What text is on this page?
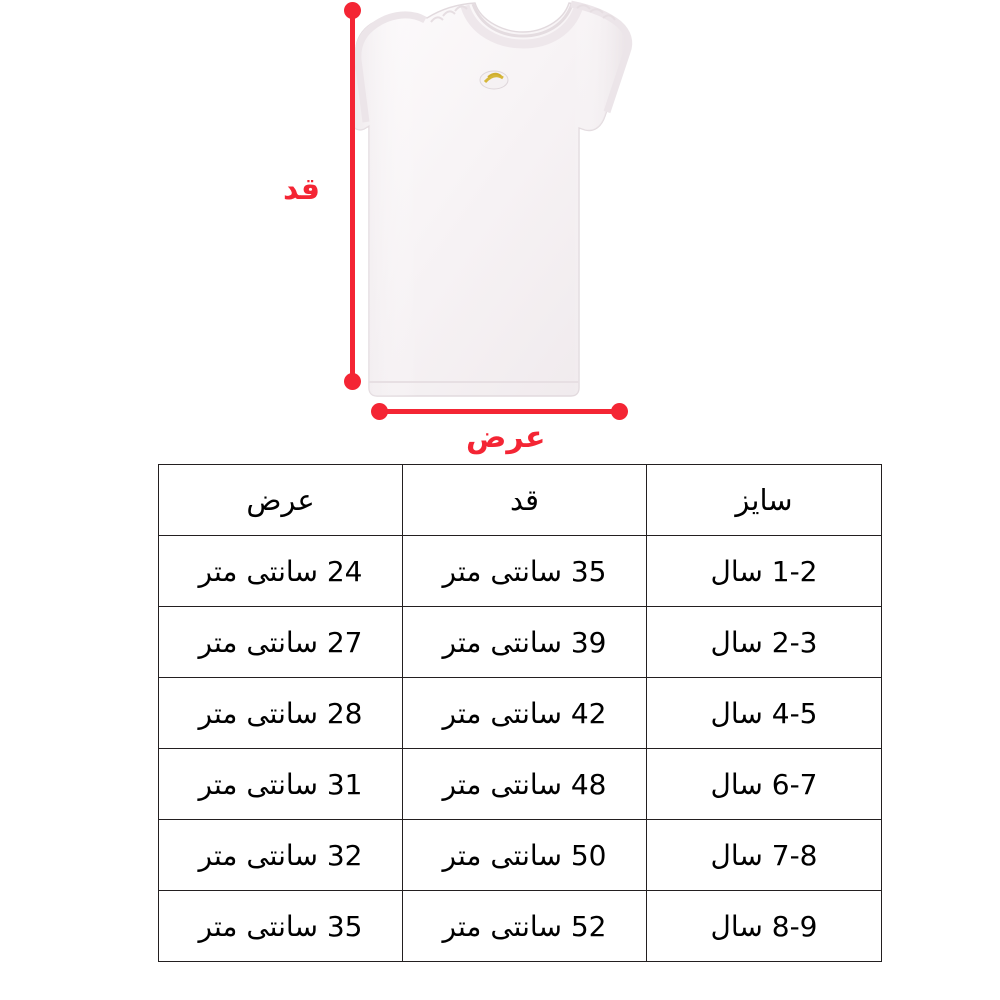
قد
عرض
سایز	قد	عرض
1-2 سال	35 سانتی متر	24 سانتی متر
2-3 سال	39 سانتی متر	27 سانتی متر
4-5 سال	42 سانتی متر	28 سانتی متر
6-7 سال	48 سانتی متر	31 سانتی متر
7-8 سال	50 سانتی متر	32 سانتی متر
8-9 سال	52 سانتی متر	35 سانتی متر
